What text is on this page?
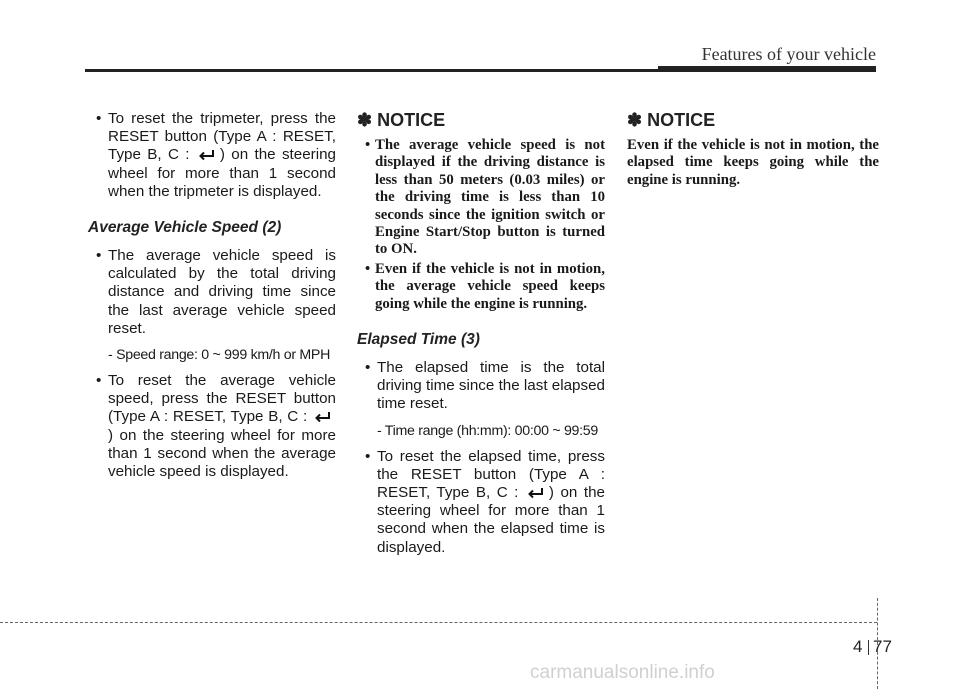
Features of your vehicle

• To reset the tripmeter, press the RESET button (Type A : RESET, Type B, C : ) on the steering wheel for more than 1 second when the tripmeter is displayed.

Average Vehicle Speed (2)

• The average vehicle speed is calculated by the total driving distance and driving time since the last average vehicle speed reset.

- Speed range: 0 ~ 999 km/h or MPH

• To reset the average vehicle speed, press the RESET button (Type A : RESET, Type B, C : ) on the steering wheel for more than 1 second when the average vehicle speed is displayed.

✽ NOTICE

• The average vehicle speed is not displayed if the driving distance is less than 50 meters (0.03 miles) or the driving time is less than 10 seconds since the ignition switch or Engine Start/Stop button is turned to ON.

• Even if the vehicle is not in motion, the average vehicle speed keeps going while the engine is running.

Elapsed Time (3)

• The elapsed time is the total driving time since the last elapsed time reset.

- Time range (hh:mm): 00:00 ~ 99:59

• To reset the elapsed time, press the RESET button (Type A : RESET, Type B, C : ) on the steering wheel for more than 1 second when the elapsed time is displayed.

✽ NOTICE

Even if the vehicle is not in motion, the elapsed time keeps going while the engine is running.

4 77
carmanualsonline.info
